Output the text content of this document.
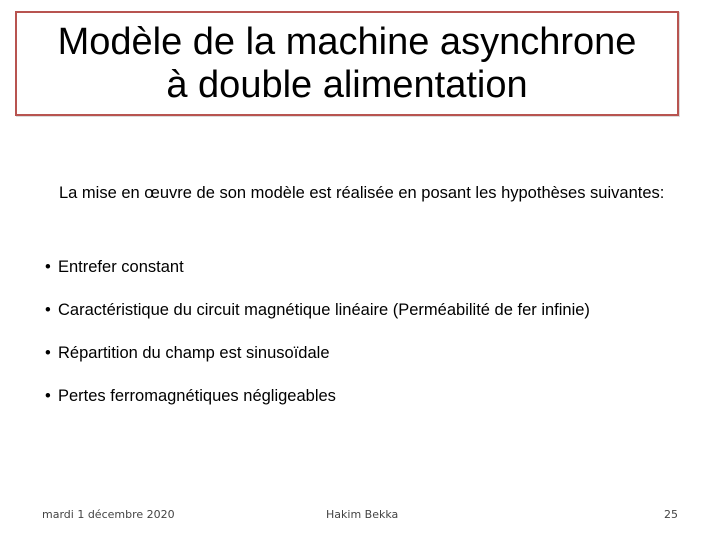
Modèle de la machine asynchrone
à double alimentation
La mise en œuvre de son modèle est réalisée en posant les hypothèses suivantes:
• Entrefer constant
• Caractéristique du circuit magnétique linéaire (Perméabilité de fer infinie)
• Répartition du champ est sinusoïdale
• Pertes ferromagnétiques négligeables
mardi 1 décembre 2020	Hakim Bekka	25
